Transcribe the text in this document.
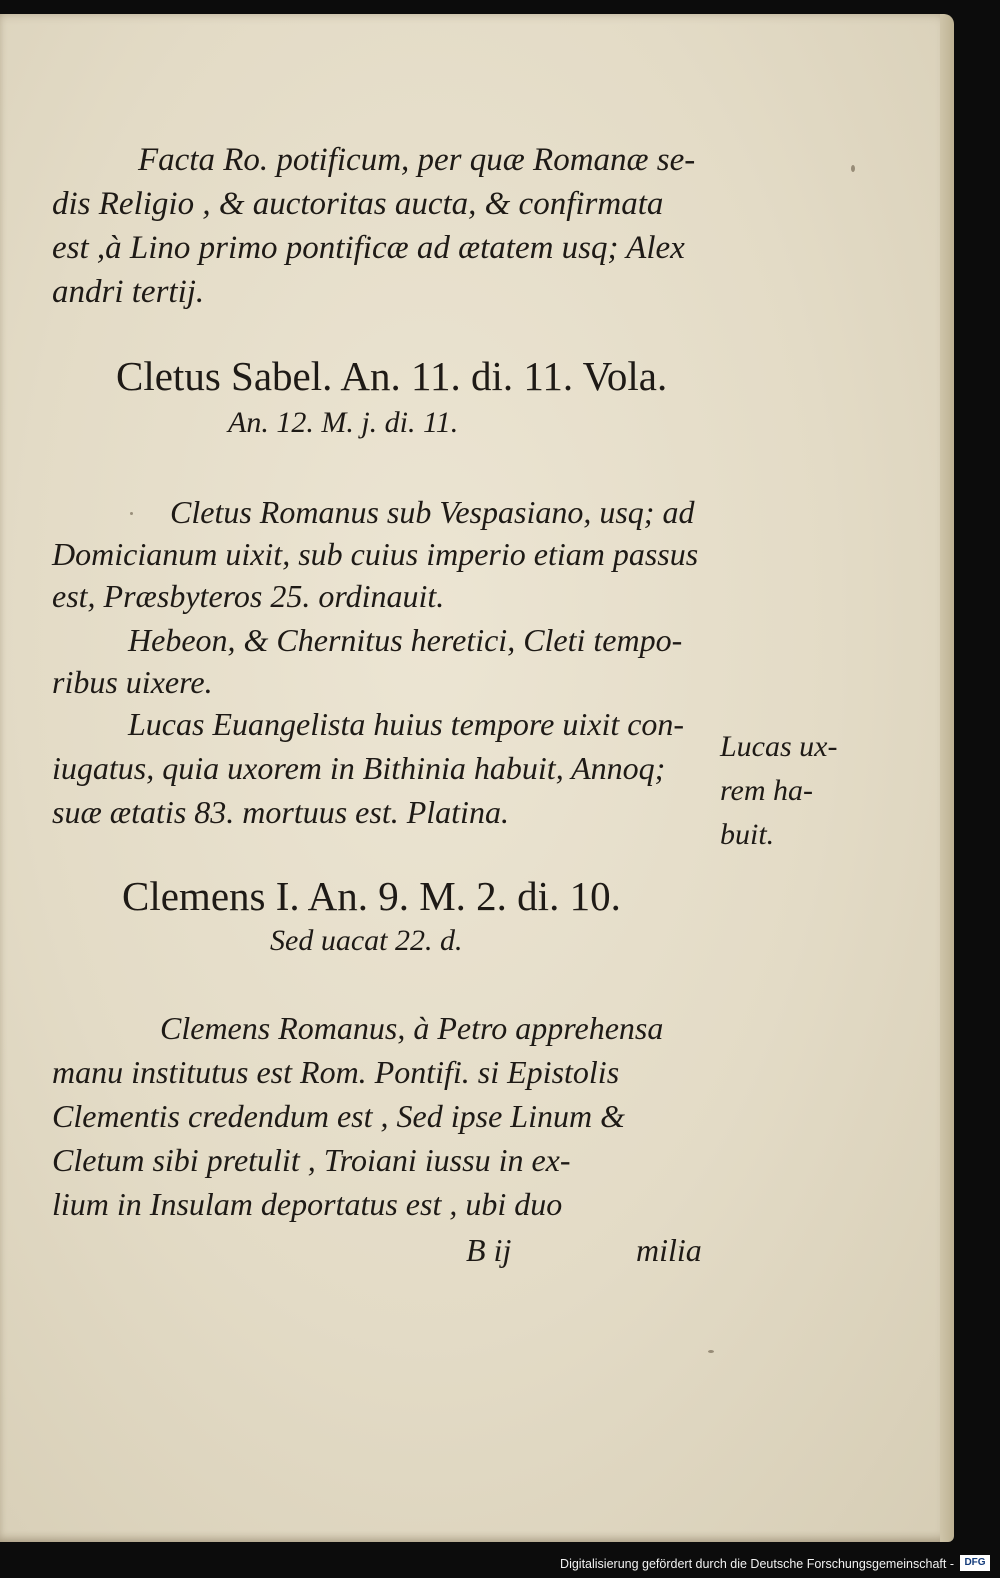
Facta Ro. potificum, per quæ Romanæ se-
dis Religio , & auctoritas aucta, & confirmata
est ,à Lino primo pontificæ ad ætatem usq; Alex
andri tertij.
Cletus Sabel. An. 11. di. 11. Vola.
An. 12. M. j. di. 11.
Cletus Romanus sub Vespasiano, usq; ad
Domicianum uixit, sub cuius imperio etiam passus
est, Præsbyteros 25. ordinauit.
Hebeon, & Chernitus heretici, Cleti tempo-
ribus uixere.
Lucas Euangelista huius tempore uixit con-
iugatus, quia uxorem in Bithinia habuit, Annoq;
suæ ætatis 83. mortuus est. Platina.
Lucas ux-
rem ha-
buit.
Clemens I. An. 9. M. 2. di. 10.
Sed uacat 22. d.
Clemens Romanus, à Petro apprehensa
manu institutus est Rom. Pontifi. si Epistolis
Clementis credendum est , Sed ipse Linum &
Cletum sibi pretulit , Troiani iussu in ex-
lium in Insulam deportatus est , ubi duo
B ij	milia
Digitalisierung gefördert durch die Deutsche Forschungsgemeinschaft -	DFG
